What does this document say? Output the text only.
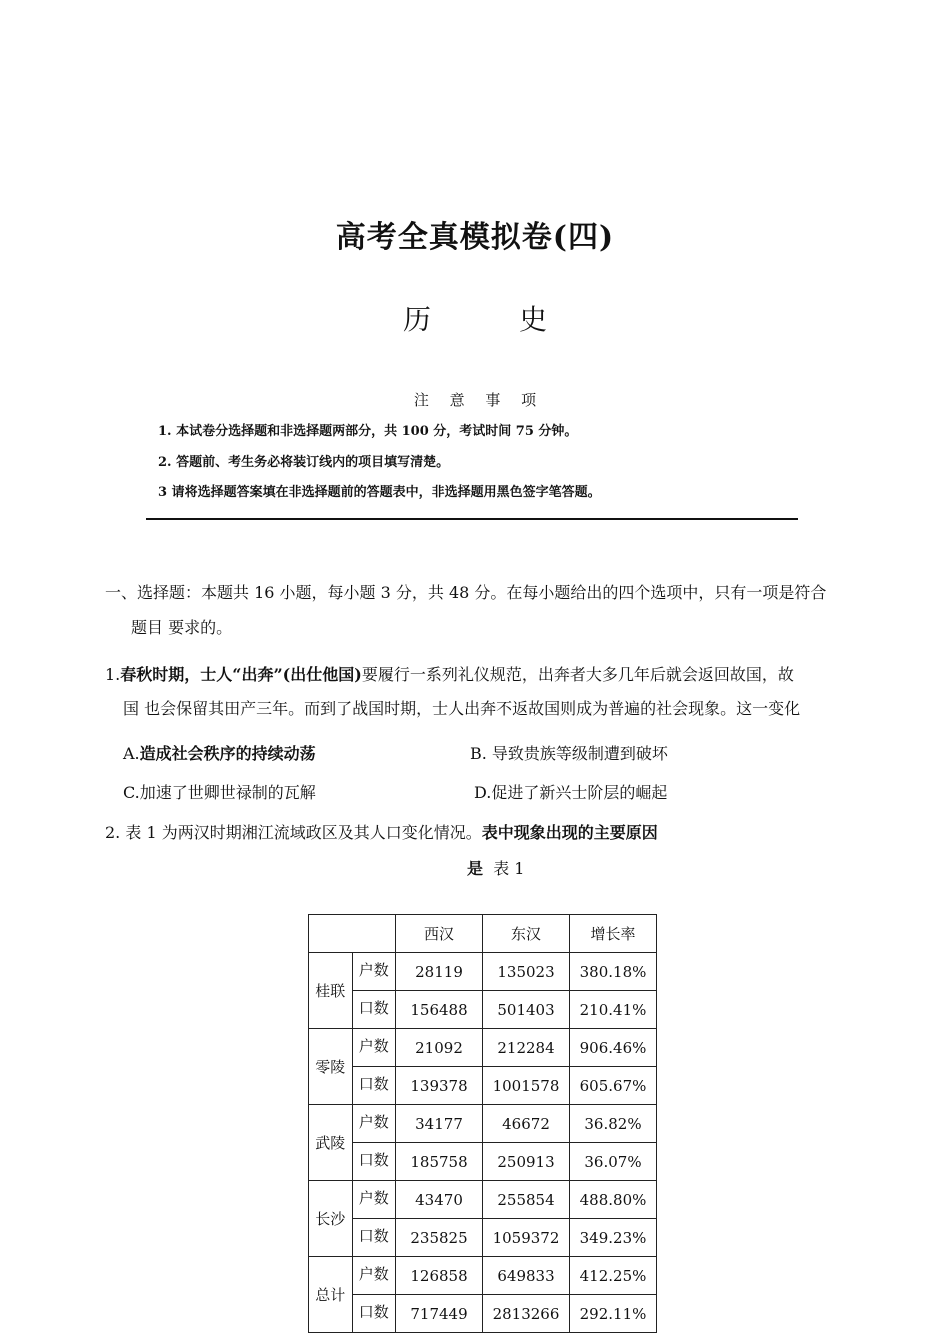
高考全真模拟卷(四)
历　史
注 意 事 项
1. 本试卷分选择题和非选择题两部分，共 100 分，考试时间 75 分钟。
2. 答题前、考生务必将装订线内的项目填写清楚。
3 请将选择题答案填在非选择题前的答题表中，非选择题用黑色签字笔答题。
一、选择题：本题共 16 小题，每小题 3 分，共 48 分。在每小题给出的四个选项中，只有一项是符合
题目 要求的。
1.春秋时期，士人“出奔”(出仕他国)要履行一系列礼仪规范，出奔者大多几年后就会返回故国，故
国 也会保留其田产三年。而到了战国时期，士人出奔不返故国则成为普遍的社会现象。这一变化
A.造成社会秩序的持续动荡	B. 导致贵族等级制遭到破坏
C.加速了世卿世禄制的瓦解	D.促进了新兴士阶层的崛起
2. 表 1 为两汉时期湘江流域政区及其人口变化情况。表中现象出现的主要原因
是 表 1
		西汉	东汉	增长率
桂联	户数	28119	135023	380.18%

	口数	156488	501403	210.41%
零陵	户数	21092	212284	906.46%

	口数	139378	1001578	605.67%
武陵	户数	34177	46672	36.82%

	口数	185758	250913	36.07%
长沙	户数	43470	255854	488.80%

	口数	235825	1059372	349.23%
总计	户数	126858	649833	412.25%

	口数	717449	2813266	292.11%
